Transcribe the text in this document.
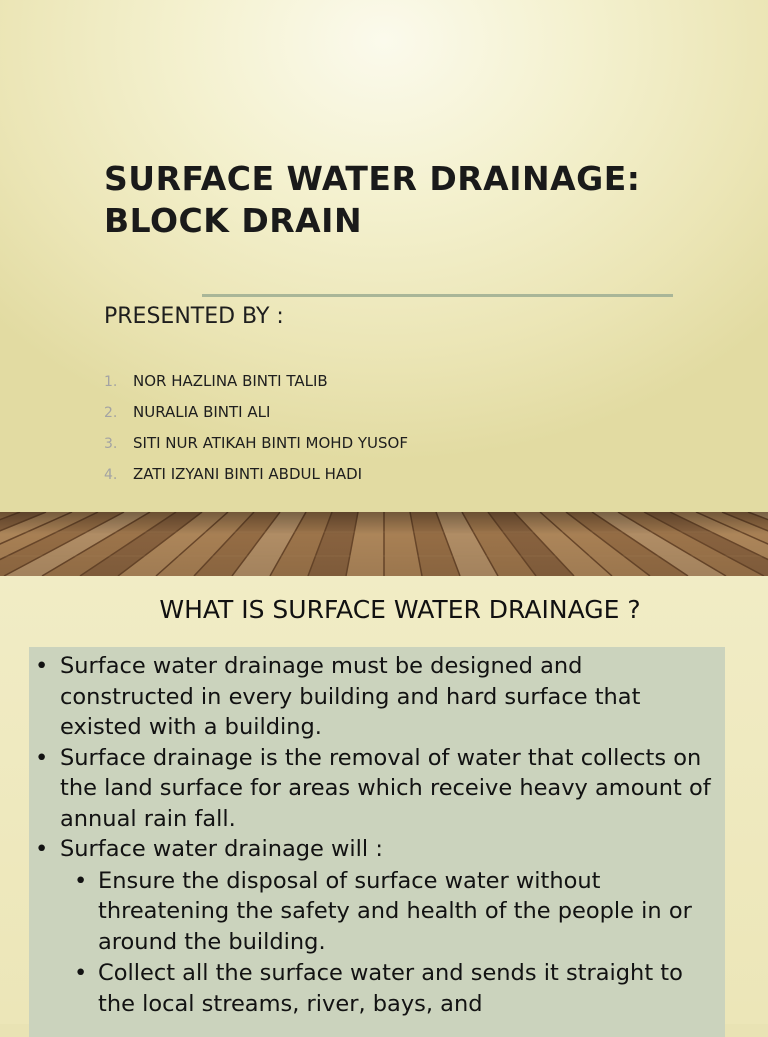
SURFACE WATER DRAINAGE:
BLOCK DRAIN
PRESENTED BY :
1.	NOR HAZLINA BINTI TALIB
2.	NURALIA BINTI ALI
3.	SITI NUR ATIKAH BINTI MOHD YUSOF
4.	ZATI IZYANI BINTI ABDUL HADI
WHAT IS SURFACE WATER DRAINAGE ?
• Surface water drainage must be designed and constructed in every building and hard surface that existed with a building.
• Surface drainage is the removal of water that collects on the land surface for areas which receive heavy amount of annual rain fall.
• Surface water drainage will :
• Ensure the disposal of surface water without threatening the safety and health of the people in or around the building.
• Collect all the surface water and sends it straight to the local streams, river, bays, and
